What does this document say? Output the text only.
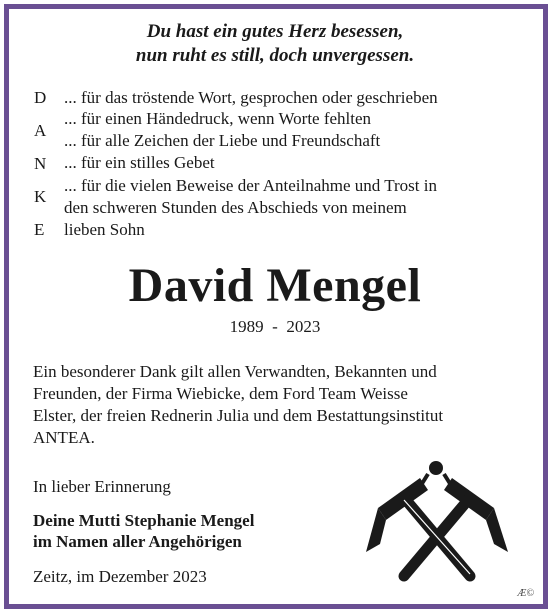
Du hast ein gutes Herz besessen,
nun ruht es still, doch unvergessen.
D
A
N
K
E
... für das tröstende Wort, gesprochen oder geschrieben
... für einen Händedruck, wenn Worte fehlten
... für alle Zeichen der Liebe und Freundschaft
... für ein stilles Gebet
... für die vielen Beweise der Anteilnahme und Trost in
den schweren Stunden des Abschieds von meinem
lieben Sohn
David Mengel
1989  -  2023
Ein besonderer Dank gilt allen Verwandten, Bekannten und
Freunden, der Firma Wiebicke, dem Ford Team Weisse
Elster, der freien Rednerin Julia und dem Bestattungsinstitut
ANTEA.
In lieber Erinnerung
Deine Mutti Stephanie Mengel
im Namen aller Angehörigen
Zeitz, im Dezember 2023
Æ©
